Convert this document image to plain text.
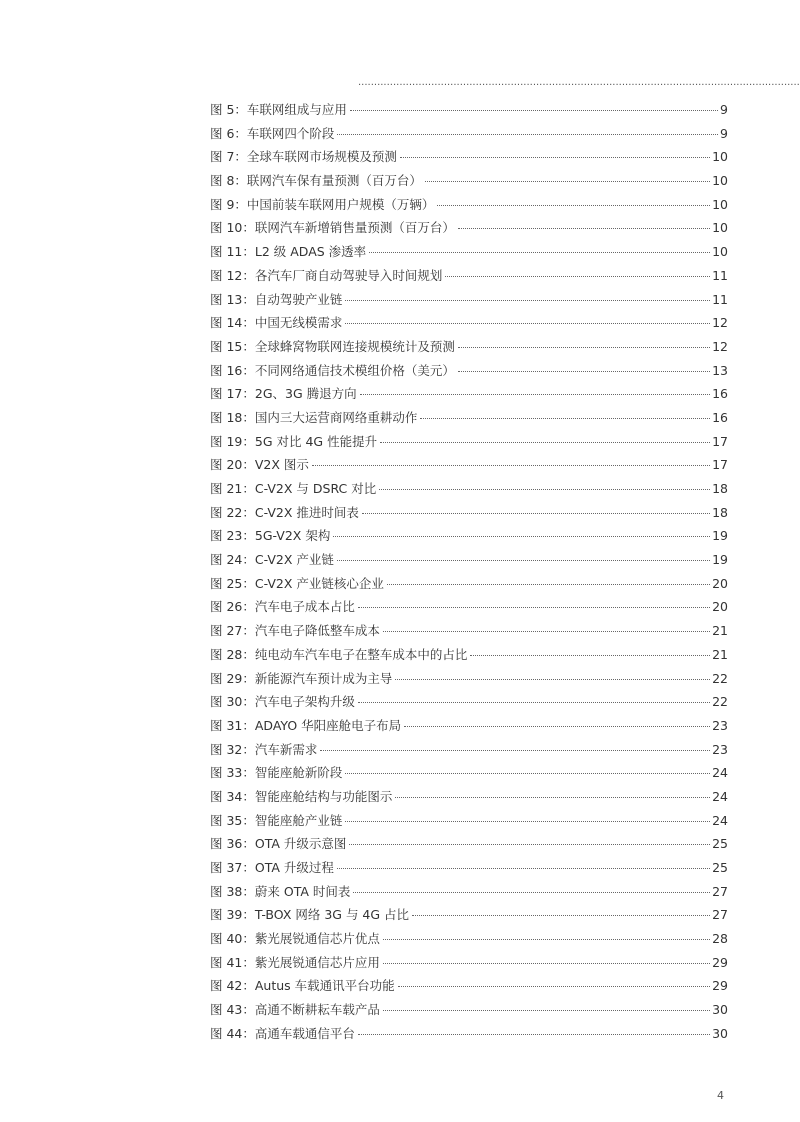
...........................................................................................................................................
图 5：车联网组成与应用	9
图 6：车联网四个阶段	9
图 7：全球车联网市场规模及预测	10
图 8：联网汽车保有量预测（百万台）	10
图 9：中国前装车联网用户规模（万辆）	10
图 10：联网汽车新增销售量预测（百万台）	10
图 11：L2 级 ADAS 渗透率	10
图 12：各汽车厂商自动驾驶导入时间规划	11
图 13：自动驾驶产业链	11
图 14：中国无线模需求	12
图 15：全球蜂窝物联网连接规模统计及预测	12
图 16：不同网络通信技术模组价格（美元）	13
图 17：2G、3G 腾退方向	16
图 18：国内三大运营商网络重耕动作	16
图 19：5G 对比 4G 性能提升	17
图 20：V2X 图示	17
图 21：C-V2X 与 DSRC 对比	18
图 22：C-V2X 推进时间表	18
图 23：5G-V2X 架构	19
图 24：C-V2X 产业链	19
图 25：C-V2X 产业链核心企业	20
图 26：汽车电子成本占比	20
图 27：汽车电子降低整车成本	21
图 28：纯电动车汽车电子在整车成本中的占比	21
图 29：新能源汽车预计成为主导	22
图 30：汽车电子架构升级	22
图 31：ADAYO 华阳座舱电子布局	23
图 32：汽车新需求	23
图 33：智能座舱新阶段	24
图 34：智能座舱结构与功能图示	24
图 35：智能座舱产业链	24
图 36：OTA 升级示意图	25
图 37：OTA 升级过程	25
图 38：蔚来 OTA 时间表	27
图 39：T-BOX 网络 3G 与 4G 占比	27
图 40：紫光展锐通信芯片优点	28
图 41：紫光展锐通信芯片应用	29
图 42：Autus 车载通讯平台功能	29
图 43：高通不断耕耘车载产品	30
图 44：高通车载通信平台	30
4
